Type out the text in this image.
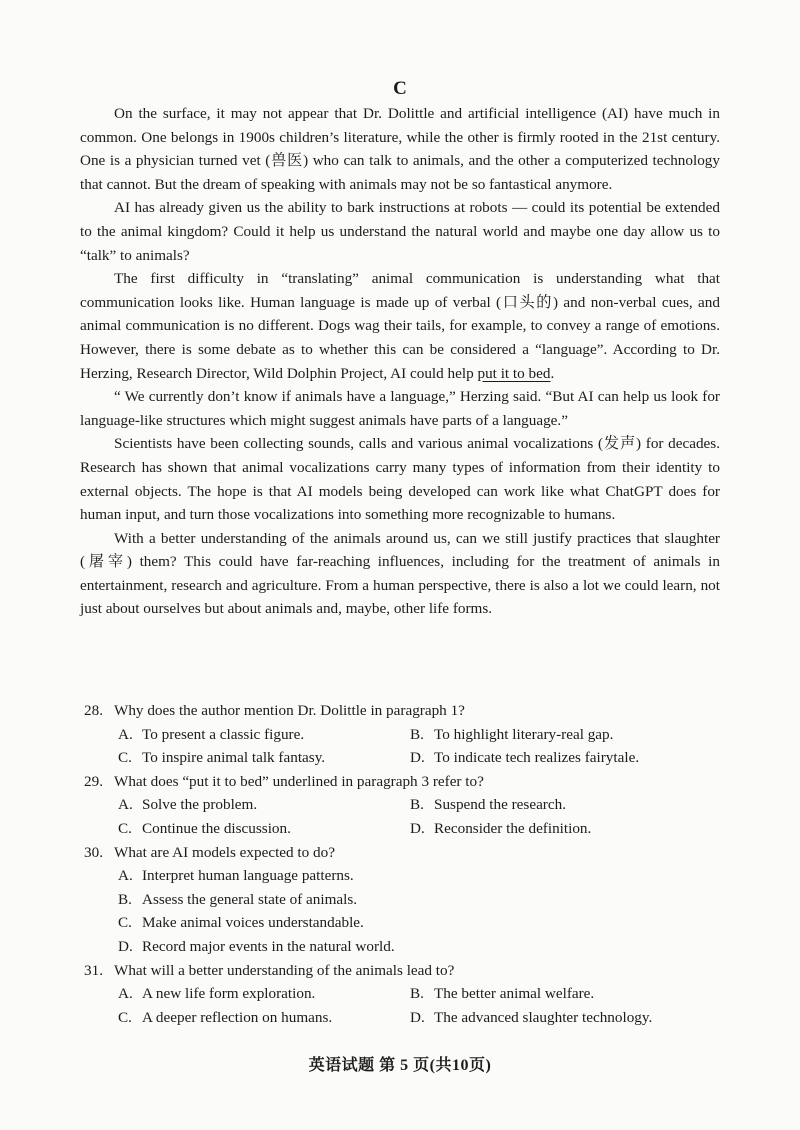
C

On the surface, it may not appear that Dr. Dolittle and artificial intelligence (AI) have much in common. One belongs in 1900s children’s literature, while the other is firmly rooted in the 21st century. One is a physician turned vet (兽医) who can talk to animals, and the other a computerized technology that cannot. But the dream of speaking with animals may not be so fantastical anymore.

AI has already given us the ability to bark instructions at robots — could its potential be extended to the animal kingdom? Could it help us understand the natural world and maybe one day allow us to “talk” to animals?

The first difficulty in “translating” animal communication is understanding what that communication looks like. Human language is made up of verbal (口头的) and non-verbal cues, and animal communication is no different. Dogs wag their tails, for example, to convey a range of emotions. However, there is some debate as to whether this can be considered a “language”. According to Dr. Herzing, Research Director, Wild Dolphin Project, AI could help put it to bed.

“ We currently don’t know if animals have a language,” Herzing said. “But AI can help us look for language-like structures which might suggest animals have parts of a language.”

Scientists have been collecting sounds, calls and various animal vocalizations (发声) for decades. Research has shown that animal vocalizations carry many types of information from their identity to external objects. The hope is that AI models being developed can work like what ChatGPT does for human input, and turn those vocalizations into something more recognizable to humans.

With a better understanding of the animals around us, can we still justify practices that slaughter (屠宰) them? This could have far-reaching influences, including for the treatment of animals in entertainment, research and agriculture. From a human perspective, there is also a lot we could learn, not just about ourselves but about animals and, maybe, other life forms.

28. Why does the author mention Dr. Dolittle in paragraph 1?
A. To present a classic figure.	B. To highlight literary-real gap.
C. To inspire animal talk fantasy.	D. To indicate tech realizes fairytale.
29. What does “put it to bed” underlined in paragraph 3 refer to?
A. Solve the problem.	B. Suspend the research.
C. Continue the discussion.	D. Reconsider the definition.
30. What are AI models expected to do?
A. Interpret human language patterns.
B. Assess the general state of animals.
C. Make animal voices understandable.
D. Record major events in the natural world.
31. What will a better understanding of the animals lead to?
A. A new life form exploration.	B. The better animal welfare.
C. A deeper reflection on humans.	D. The advanced slaughter technology.
英语试题 第 5 页(共10页)
